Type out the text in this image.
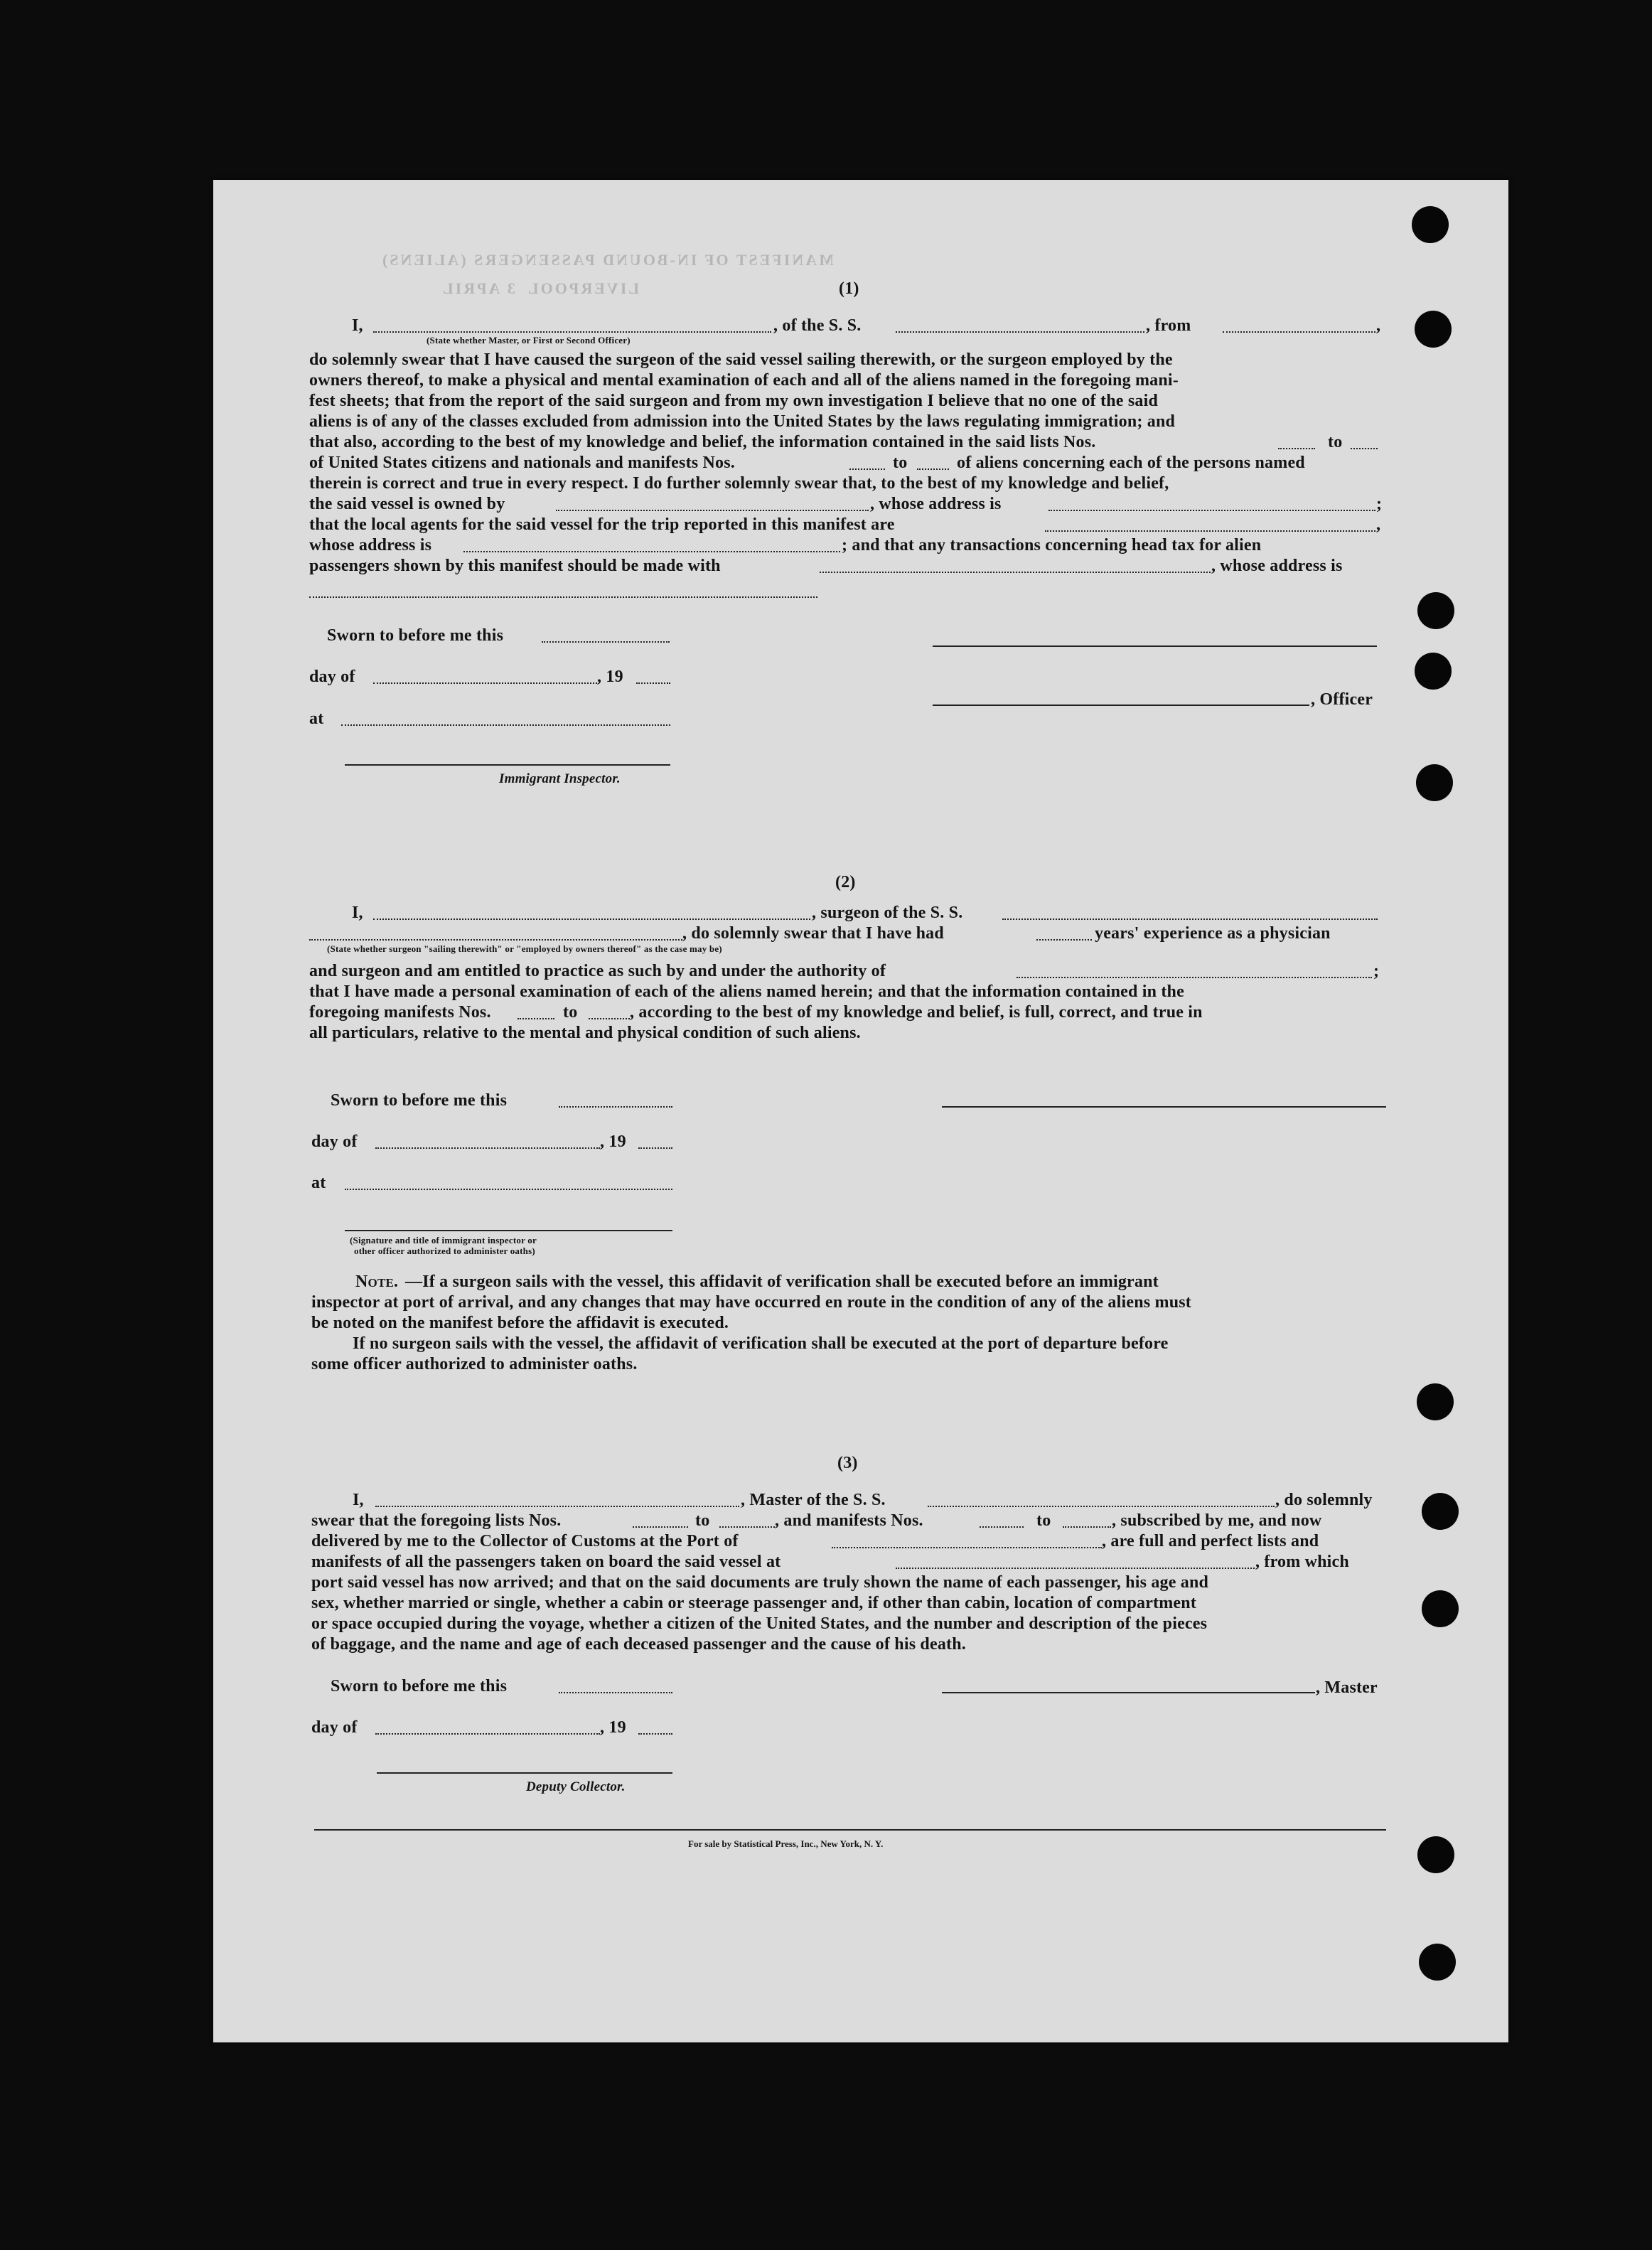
MANIFEST OF IN-BOUND PASSENGERS (ALIENS)
LIVERPOOL
3 APRIL	(1)
I,	, of the S. S.	, from	,
(State whether Master, or First or Second Officer)
do solemnly swear that I have caused the surgeon of the said vessel sailing therewith, or the surgeon employed by the
owners thereof, to make a physical and mental examination of each and all of the aliens named in the foregoing mani-
fest sheets; that from the report of the said surgeon and from my own investigation I believe that no one of the said
aliens is of any of the classes excluded from admission into the United States by the laws regulating immigration; and
that also, according to the best of my knowledge and belief, the information contained in the said lists Nos.	to
of United States citizens and nationals and manifests Nos.	to	of aliens concerning each of the persons named
therein is correct and true in every respect. I do further solemnly swear that, to the best of my knowledge and belief,
the said vessel is owned by	, whose address is	;
that the local agents for the said vessel for the trip reported in this manifest are	,
whose address is	; and that any transactions concerning head tax for alien
passengers shown by this manifest should be made with	, whose address is
Sworn to before me this
day of	, 19
, Officer
at
Immigrant Inspector.
(2)
I,	, surgeon of the S. S.
, do solemnly swear that I have had	years' experience as a physician
(State whether surgeon "sailing therewith" or "employed by owners thereof" as the case may be)
and surgeon and am entitled to practice as such by and under the authority of	;
that I have made a personal examination of each of the aliens named herein; and that the information contained in the
foregoing manifests Nos.	to	, according to the best of my knowledge and belief, is full, correct, and true in
all particulars, relative to the mental and physical condition of such aliens.
Sworn to before me this
day of	, 19
at
(Signature and title of immigrant inspector or
other officer authorized to administer oaths)
Note. —If a surgeon sails with the vessel, this affidavit of verification shall be executed before an immigrant
inspector at port of arrival, and any changes that may have occurred en route in the condition of any of the aliens must
be noted on the manifest before the affidavit is executed.
If no surgeon sails with the vessel, the affidavit of verification shall be executed at the port of departure before
some officer authorized to administer oaths.
(3)
I,	, Master of the S. S.	, do solemnly
swear that the foregoing lists Nos.	to	, and manifests Nos.	to	, subscribed by me, and now
delivered by me to the Collector of Customs at the Port of	, are full and perfect lists and
manifests of all the passengers taken on board the said vessel at	, from which
port said vessel has now arrived; and that on the said documents are truly shown the name of each passenger, his age and
sex, whether married or single, whether a cabin or steerage passenger and, if other than cabin, location of compartment
or space occupied during the voyage, whether a citizen of the United States, and the number and description of the pieces
of baggage, and the name and age of each deceased passenger and the cause of his death.
Sworn to before me this	, Master
day of	, 19
Deputy Collector.
For sale by Statistical Press, Inc., New York, N. Y.
